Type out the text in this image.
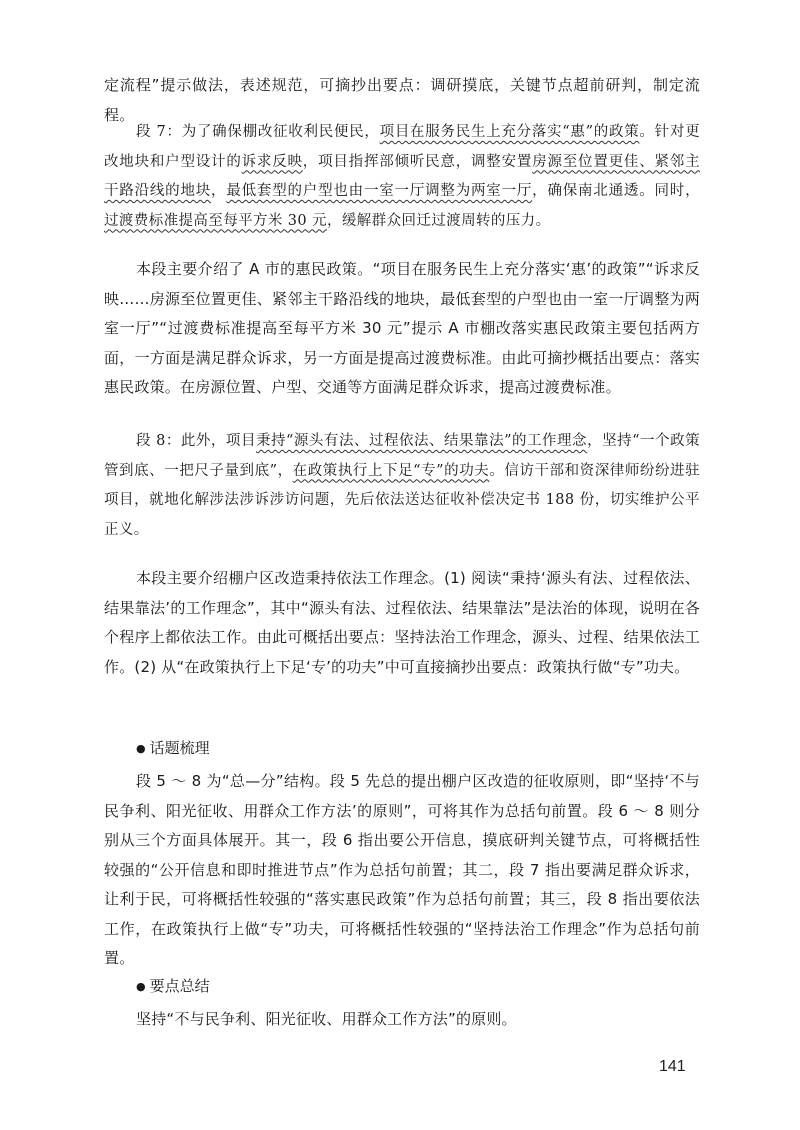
定流程”提示做法，表述规范，可摘抄出要点：调研摸底，关键节点超前研判，制定流程。

段 7：为了确保棚改征收利民便民，项目在服务民生上充分落实“惠”的政策。针对更改地块和户型设计的诉求反映，项目指挥部倾听民意，调整安置房源至位置更佳、紧邻主干路沿线的地块，最低套型的户型也由一室一厅调整为两室一厅，确保南北通透。同时，过渡费标准提高至每平方米 30 元，缓解群众回迁过渡周转的压力。

本段主要介绍了 A 市的惠民政策。“项目在服务民生上充分落实‘惠’的政策”“诉求反映……房源至位置更佳、紧邻主干路沿线的地块，最低套型的户型也由一室一厅调整为两室一厅”“过渡费标准提高至每平方米 30 元”提示 A 市棚改落实惠民政策主要包括两方面，一方面是满足群众诉求，另一方面是提高过渡费标准。由此可摘抄概括出要点：落实惠民政策。在房源位置、户型、交通等方面满足群众诉求，提高过渡费标准。

段 8：此外，项目秉持“源头有法、过程依法、结果靠法”的工作理念，坚持“一个政策管到底、一把尺子量到底”，在政策执行上下足“专”的功夫。信访干部和资深律师纷纷进驻项目，就地化解涉法涉诉涉访问题，先后依法送达征收补偿决定书 188 份，切实维护公平正义。

本段主要介绍棚户区改造秉持依法工作理念。(1) 阅读“秉持‘源头有法、过程依法、结果靠法’的工作理念”，其中“源头有法、过程依法、结果靠法”是法治的体现，说明在各个程序上都依法工作。由此可概括出要点：坚持法治工作理念，源头、过程、结果依法工作。(2) 从“在政策执行上下足‘专’的功夫”中可直接摘抄出要点：政策执行做“专”功夫。

● 话题梳理

段 5 ～ 8 为“总—分”结构。段 5 先总的提出棚户区改造的征收原则，即“坚持‘不与民争利、阳光征收、用群众工作方法’的原则”，可将其作为总括句前置。段 6 ～ 8 则分别从三个方面具体展开。其一，段 6 指出要公开信息，摸底研判关键节点，可将概括性较强的“公开信息和即时推进节点”作为总括句前置；其二，段 7 指出要满足群众诉求，让利于民，可将概括性较强的“落实惠民政策”作为总括句前置；其三，段 8 指出要依法工作，在政策执行上做“专”功夫，可将概括性较强的“坚持法治工作理念”作为总括句前置。

● 要点总结

坚持“不与民争利、阳光征收、用群众工作方法”的原则。

141
